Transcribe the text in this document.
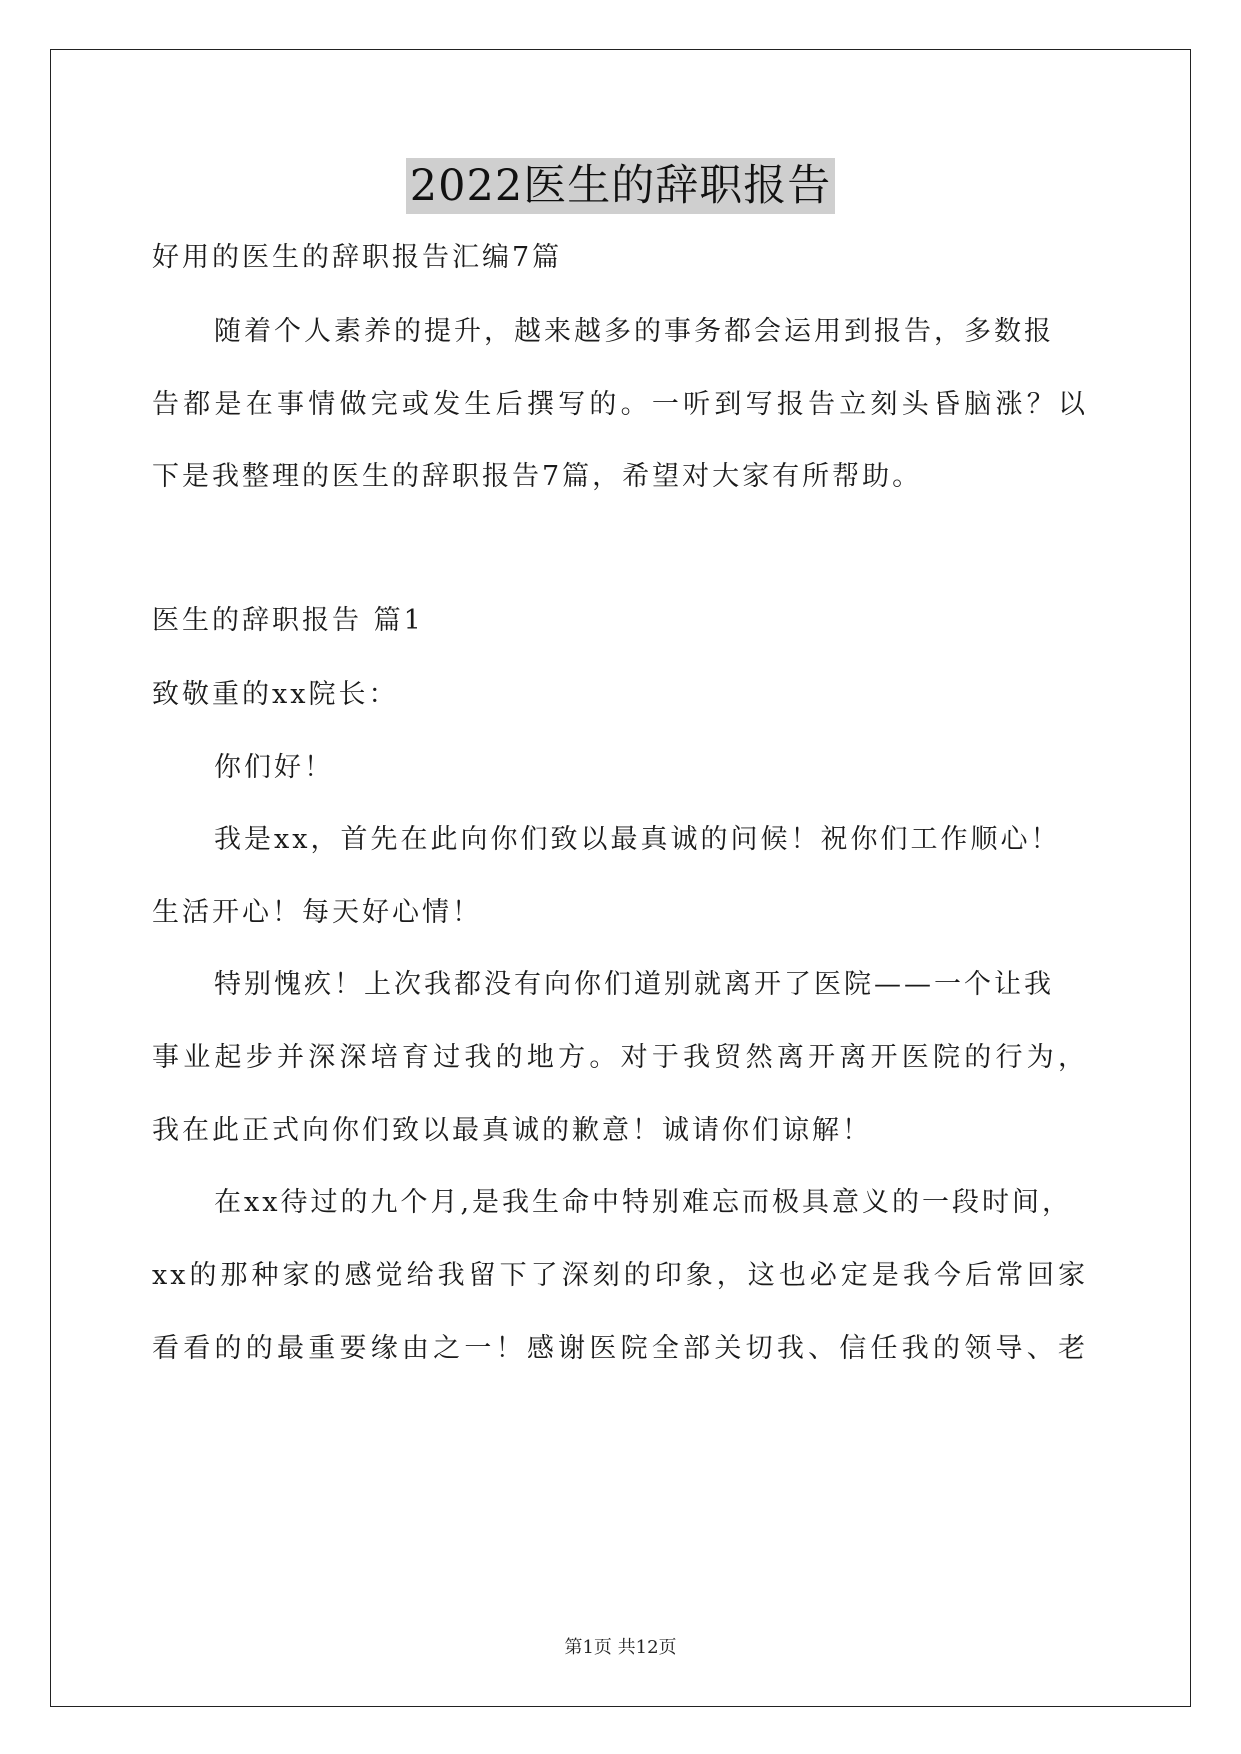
2022医生的辞职报告
好用的医生的辞职报告汇编7篇
随着个人素养的提升，越来越多的事务都会运用到报告，多数报
告都是在事情做完或发生后撰写的。一听到写报告立刻头昏脑涨？以
下是我整理的医生的辞职报告7篇，希望对大家有所帮助。
医生的辞职报告 篇1
致敬重的xx院长：
你们好！
我是xx，首先在此向你们致以最真诚的问候！祝你们工作顺心！
生活开心！每天好心情！
特别愧疚！上次我都没有向你们道别就离开了医院——一个让我
事业起步并深深培育过我的地方。对于我贸然离开离开医院的行为，
我在此正式向你们致以最真诚的歉意！诚请你们谅解！
在xx待过的九个月,是我生命中特别难忘而极具意义的一段时间，
xx的那种家的感觉给我留下了深刻的印象，这也必定是我今后常回家
看看的的最重要缘由之一！感谢医院全部关切我、信任我的领导、老
第1页 共12页
